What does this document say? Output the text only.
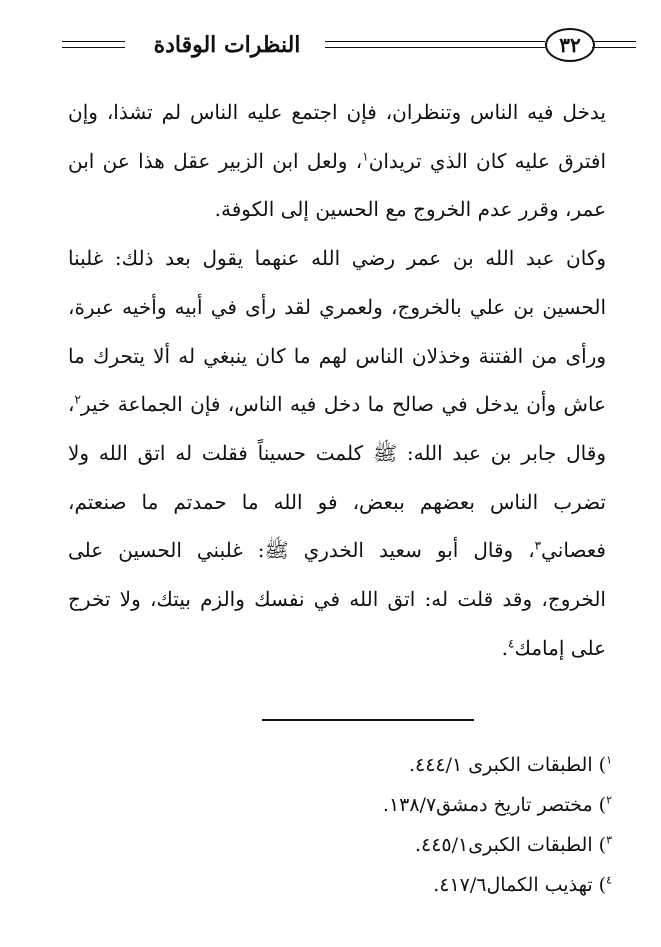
النظرات الوقادة	٣٢

يدخل فيه الناس وتنظران، فإن اجتمع عليه الناس لم تشذا، وإن افترق عليه كان الذي تريدان$^١$، ولعل ابن الزبير عقل هذا عن ابن عمر، وقرر عدم الخروج مع الحسين إلى الكوفة.

وكان عبد الله بن عمر رضي الله عنهما يقول بعد ذلك: غلبنا الحسين بن علي بالخروج، ولعمري لقد رأى في أبيه وأخيه عبرة، ورأى من الفتنة وخذلان الناس لهم ما كان ينبغي له ألا يتحرك ما عاش وأن يدخل في صالح ما دخل فيه الناس، فإن الجماعة خير$^٢$، وقال جابر بن عبد الله: ﷺ كلمت حسيناً فقلت له اتق الله ولا تضرب الناس بعضهم ببعض، فو الله ما حمدتم ما صنعتم، فعصاني$^٣$، وقال أبو سعيد الخدري ﷺ: غلبني الحسين على الخروج، وقد قلت له: اتق الله في نفسك والزم بيتك، ولا تخرج على إمامك$^٤$.

$^١$) الطبقات الكبرى ٤٤٤/١.
$^٢$) مختصر تاريخ دمشق١٣٨/٧.
$^٣$) الطبقات الكبرى٤٤٥/١.
$^٤$) تهذيب الكمال٤١٧/٦.
